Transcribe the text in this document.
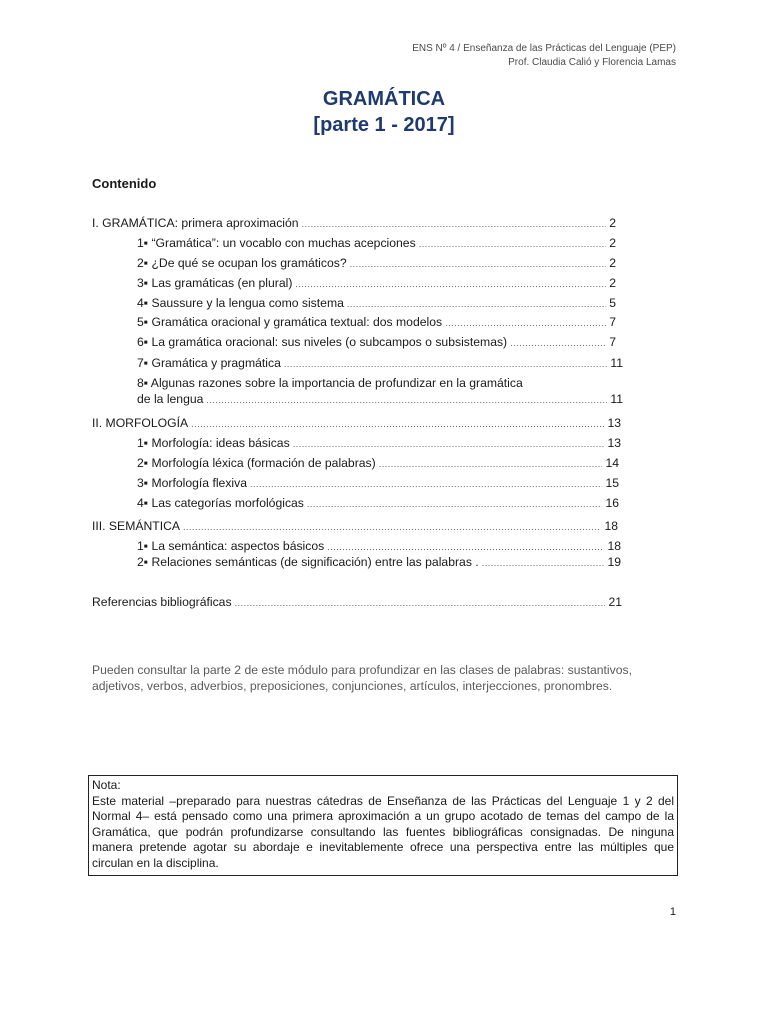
ENS Nº 4 / Enseñanza de las Prácticas del Lenguaje (PEP)
Prof. Claudia Calió y Florencia Lamas
GRAMÁTICA
[parte 1 - 2017]
Contenido
I. GRAMÁTICA: primera aproximación .....	2
1▪ “Gramática”: un vocablo con muchas acepciones .....	2
2▪ ¿De qué se ocupan los gramáticos? .....	2
3▪ Las gramáticas (en plural) .....	2
4▪ Saussure y la lengua como sistema .....	5
5▪ Gramática oracional y gramática textual: dos modelos .....	7
6▪ La gramática oracional: sus niveles (o subcampos o subsistemas) .....	7
7▪ Gramática y pragmática .....	11
8▪ Algunas razones sobre la importancia de profundizar en la gramática
de la lengua .....	11
II. MORFOLOGÍA .....	13
1▪ Morfología: ideas básicas .....	13
2▪ Morfología léxica (formación de palabras) .....	14
3▪ Morfología flexiva .....	15
4▪ Las categorías morfológicas .....	16
III. SEMÁNTICA .....	18
1▪ La semántica: aspectos básicos .....	18
2▪ Relaciones semánticas (de significación) entre las palabras . .....	19
Referencias bibliográficas .....	21
Pueden consultar la parte 2 de este módulo para profundizar en las clases de palabras: sustantivos, adjetivos, verbos, adverbios, preposiciones, conjunciones, artículos, interjecciones, pronombres.
Nota:
Este material –preparado para nuestras cátedras de Enseñanza de las Prácticas del Lenguaje 1 y 2 del Normal 4– está pensado como una primera aproximación a un grupo acotado de temas del campo de la Gramática, que podrán profundizarse consultando las fuentes bibliográficas consignadas. De ninguna manera pretende agotar su abordaje e inevitablemente ofrece una perspectiva entre las múltiples que circulan en la disciplina.
1
